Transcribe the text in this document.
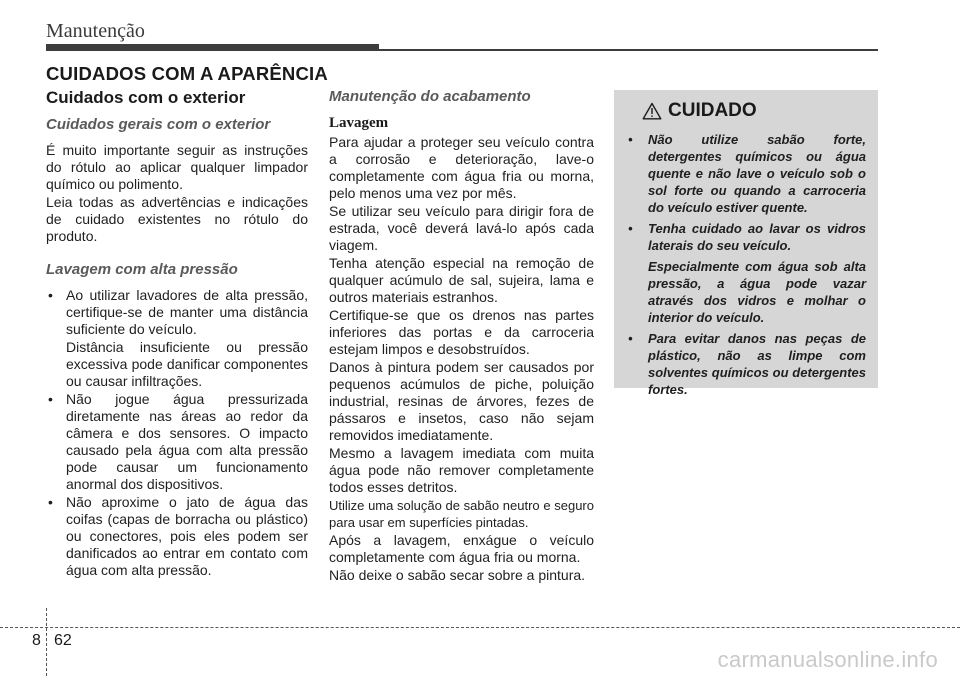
Manutenção
CUIDADOS COM A APARÊNCIA
Cuidados com o exterior
Cuidados gerais com o exterior

É muito importante seguir as instruções do rótulo ao aplicar qualquer limpador químico ou polimento.

Leia todas as advertências e indicações de cuidado existentes no rótulo do produto.

Lavagem com alta pressão
• Ao utilizar lavadores de alta pressão, certifique-se de manter uma distância suficiente do veículo.

Distância insuficiente ou pressão excessiva pode danificar componentes ou causar infiltrações.

• Não jogue água pressurizada diretamente nas áreas ao redor da câmera e dos sensores. O impacto causado pela água com alta pressão pode causar um funcionamento anormal dos dispositivos.

• Não aproxime o jato de água das coifas (capas de borracha ou plástico) ou conectores, pois eles podem ser danificados ao entrar em contato com água com alta pressão.

Manutenção do acabamento
Lavagem

Para ajudar a proteger seu veículo contra a corrosão e deterioração, lave-o completamente com água fria ou morna, pelo menos uma vez por mês.

Se utilizar seu veículo para dirigir fora de estrada, você deverá lavá-lo após cada viagem.

Tenha atenção especial na remoção de qualquer acúmulo de sal, sujeira, lama e outros materiais estranhos.

Certifique-se que os drenos nas partes inferiores das portas e da carroceria estejam limpos e desobstruídos.

Danos à pintura podem ser causados por pequenos acúmulos de piche, poluição industrial, resinas de árvores, fezes de pássaros e insetos, caso não sejam removidos imediatamente.

Mesmo a lavagem imediata com muita água pode não remover completamente todos esses detritos.

Utilize uma solução de sabão neutro e seguro para usar em superfícies pintadas.

Após a lavagem, enxágue o veículo completamente com água fria ou morna.

Não deixe o sabão secar sobre a pintura.

CUIDADO
• Não utilize sabão forte, detergentes químicos ou água quente e não lave o veículo sob o sol forte ou quando a carroceria do veículo estiver quente.

• Tenha cuidado ao lavar os vidros laterais do seu veículo.

Especialmente com água sob alta pressão, a água pode vazar através dos vidros e molhar o interior do veículo.

• Para evitar danos nas peças de plástico, não as limpe com solventes químicos ou detergentes fortes.

8 62
carmanualsonline.info
